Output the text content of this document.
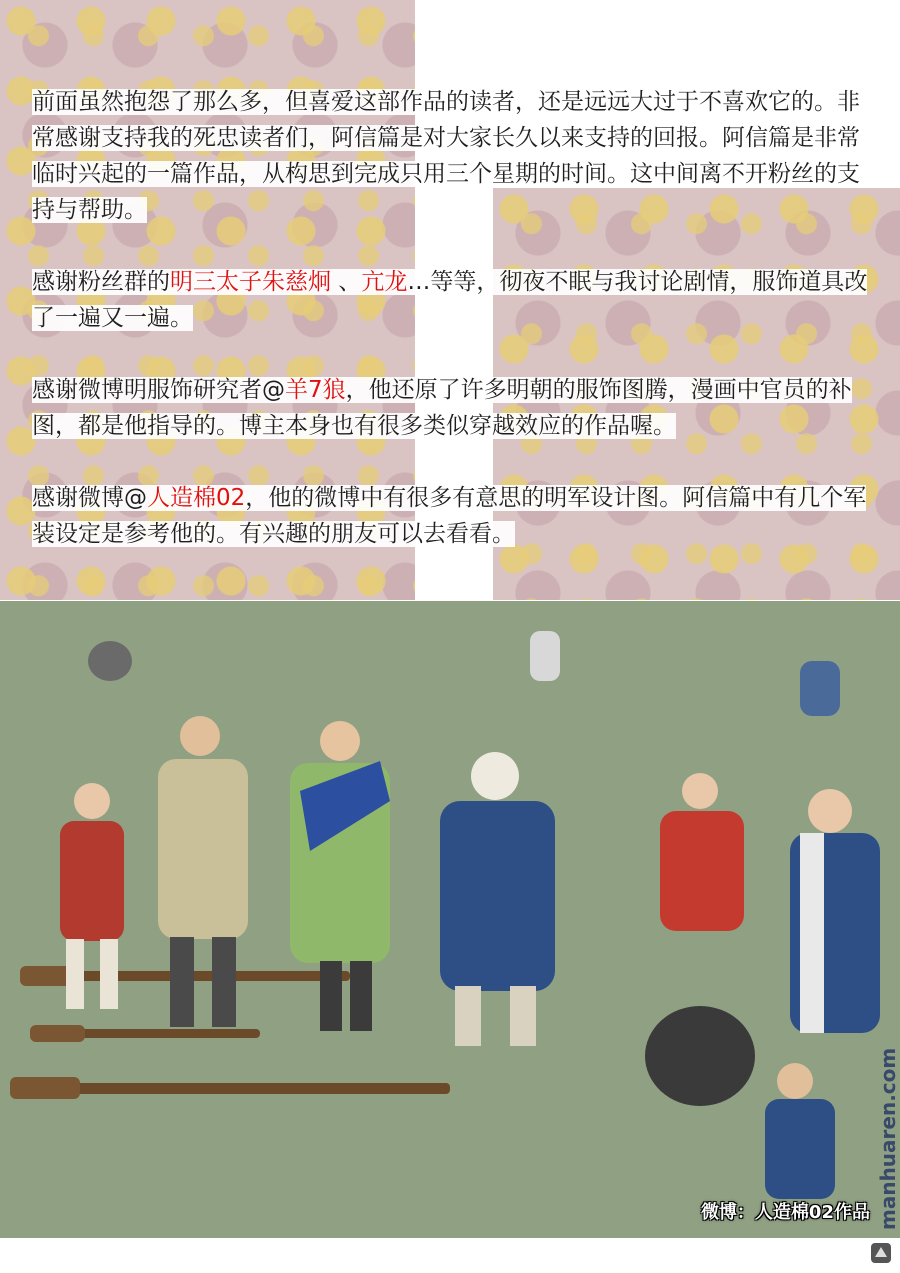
前面虽然抱怨了那么多，但喜爱这部作品的读者，还是远远大过于不喜欢它的。非常感谢支持我的死忠读者们，阿信篇是对大家长久以来支持的回报。阿信篇是非常临时兴起的一篇作品，从构思到完成只用三个星期的时间。这中间离不开粉丝的支持与帮助。

感谢粉丝群的明三太子朱慈炯 、亢龙…等等，彻夜不眠与我讨论剧情，服饰道具改了一遍又一遍。

感谢微博明服饰研究者@羊7狼，他还原了许多明朝的服饰图腾，漫画中官员的补图，都是他指导的。博主本身也有很多类似穿越效应的作品喔。

感谢微博@人造棉02，他的微博中有很多有意思的明军设计图。阿信篇中有几个军装设定是参考他的。有兴趣的朋友可以去看看。

微博：人造棉02作品 manhuaren.com
